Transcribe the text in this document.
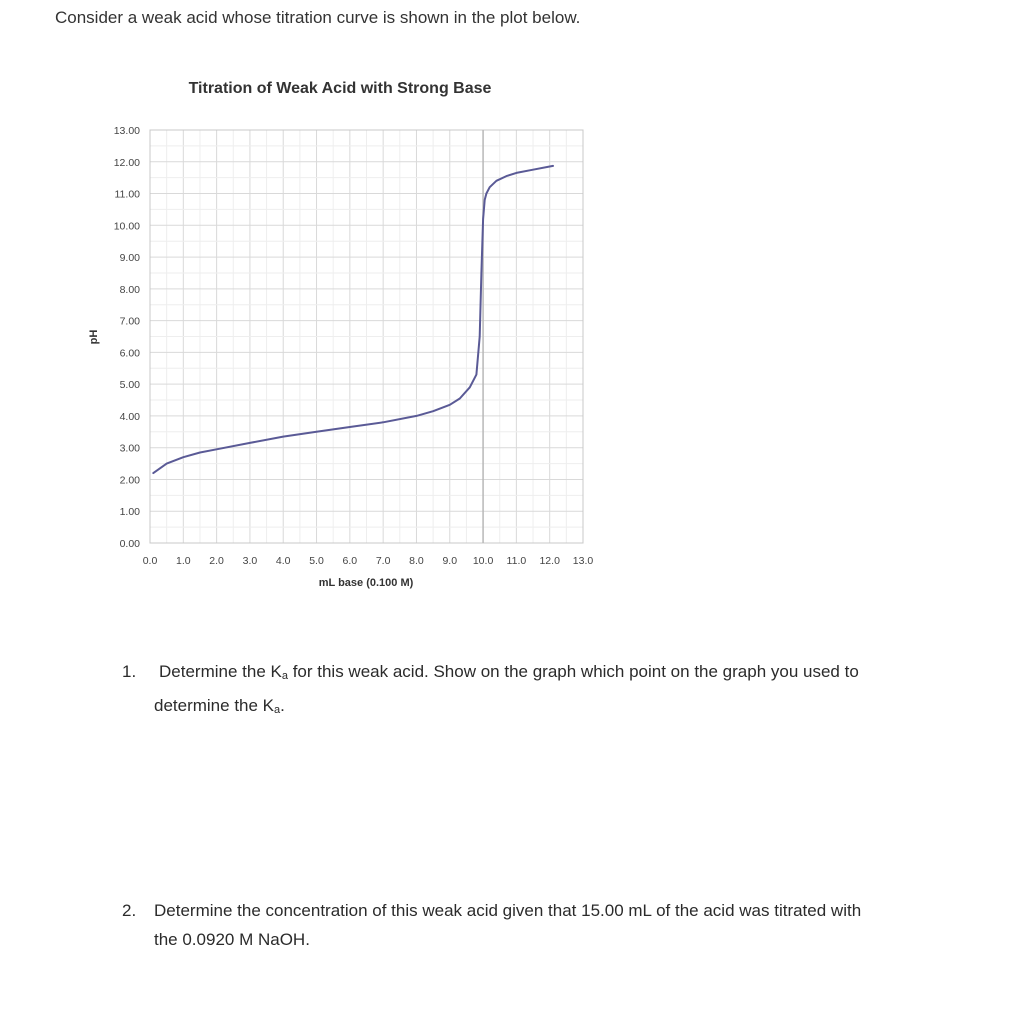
Consider a weak acid whose titration curve is shown in the plot below.
0.00
1.00
2.00
3.00
4.00
5.00
6.00
7.00
8.00
9.00
10.00
11.00
12.00
13.00
0.0 1.0 2.0 3.0 4.0 5.0 6.0 7.0 8.0 9.0 10.0 11.0 12.0 13.0
Titration of Weak Acid with Strong Base
mL base (0.100 M)
pH
1. Determine the $K_a$ for this weak acid. Show on the graph which point on the graph you used to
determine the $K_a$.
2. Determine the concentration of this weak acid given that 15.00 mL of the acid was titrated with
the 0.0920 M NaOH.
